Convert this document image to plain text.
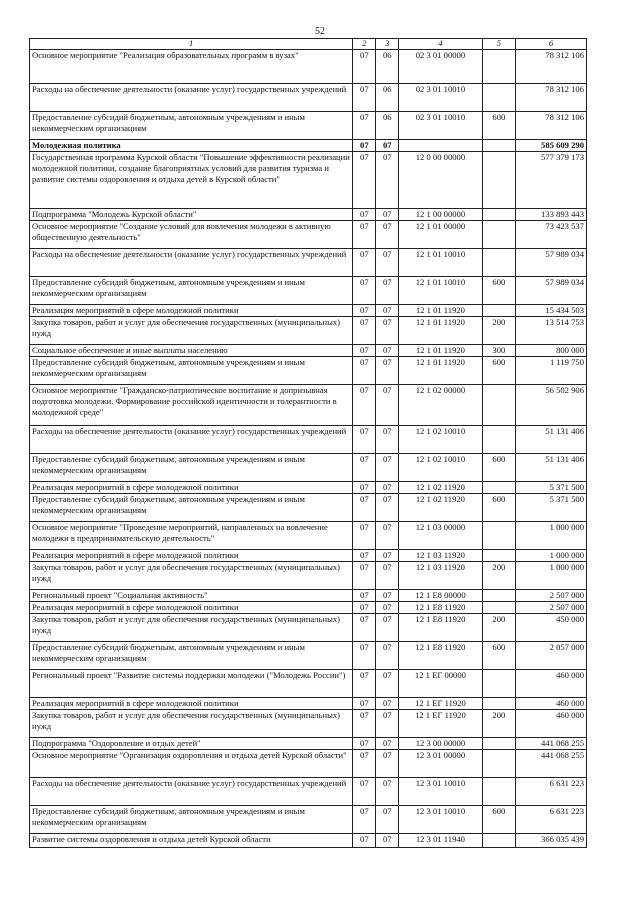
52
1	2	3	4	5	6
Основное мероприятие "Реализация образовательных программ в вузах"	07	06	02 3 01 00000		78 312 106
Расходы на обеспечение деятельности (оказание услуг) государственных учреждений	07	06	02 3 01 10010		78 312 106
Предоставление субсидий бюджетным, автономным учреждениям и иным некоммерческим организациям	07	06	02 3 01 10010	600	78 312 106
Молодежная политика	07	07			585 609 290
Государственная программа Курской области "Повышение эффективности реализации молодежной политики, создание благоприятных условий для развития туризма и развитие системы оздоровления и отдыха детей в Курской области"	07	07	12 0 00 00000		577 379 173
Подпрограмма "Молодежь Курской области"	07	07	12 1 00 00000		133 893 443
Основное мероприятие "Создание условий для вовлечения молодежи в активную общественную деятельность"	07	07	12 1 01 00000		73 423 537
Расходы на обеспечение деятельности (оказание услуг) государственных учреждений	07	07	12 1 01 10010		57 989 034
Предоставление субсидий бюджетным, автономным учреждениям и иным некоммерческим организациям	07	07	12 1 01 10010	600	57 989 034
Реализация мероприятий в сфере молодежной политики	07	07	12 1 01 11920		15 434 503
Закупка товаров, работ и услуг для обеспечения государственных (муниципальных) нужд	07	07	12 1 01 11920	200	13 514 753
Социальное обеспечение и иные выплаты населению	07	07	12 1 01 11920	300	800 000
Предоставление субсидий бюджетным, автономным учреждениям и иным некоммерческим организациям	07	07	12 1 01 11920	600	1 119 750
Основное мероприятие "Гражданско-патриотическое воспитание и допризывная подготовка молодежи. Формирование российской идентичности и толерантности в молодежной среде"	07	07	12 1 02 00000		56 502 906
Расходы на обеспечение деятельности (оказание услуг) государственных учреждений	07	07	12 1 02 10010		51 131 406
Предоставление субсидий бюджетным, автономным учреждениям и иным некоммерческим организациям	07	07	12 1 02 10010	600	51 131 406
Реализация мероприятий в сфере молодежной политики	07	07	12 1 02 11920		5 371 500
Предоставление субсидий бюджетным, автономным учреждениям и иным некоммерческим организациям	07	07	12 1 02 11920	600	5 371 500
Основное мероприятие "Проведение мероприятий, направленных на вовлечение молодежи в предпринимательскую деятельность"	07	07	12 1 03 00000		1 000 000
Реализация мероприятий в сфере молодежной политики	07	07	12 1 03 11920		1 000 000
Закупка товаров, работ и услуг для обеспечения государственных (муниципальных) нужд	07	07	12 1 03 11920	200	1 000 000
Региональный проект "Социальная активность"	07	07	12 1 E8 00000		2 507 000
Реализация мероприятий в сфере молодежной политики	07	07	12 1 E8 11920		2 507 000
Закупка товаров, работ и услуг для обеспечения государственных (муниципальных) нужд	07	07	12 1 E8 11920	200	450 000
Предоставление субсидий бюджетным, автономным учреждениям и иным некоммерческим организациям	07	07	12 1 E8 11920	600	2 057 000
Региональный проект "Развитие системы поддержки молодежи ("Молодежь России")	07	07	12 1 EГ 00000		460 000
Реализация мероприятий в сфере молодежной политики	07	07	12 1 EГ 11920		460 000
Закупка товаров, работ и услуг для обеспечения государственных (муниципальных) нужд	07	07	12 1 EГ 11920	200	460 000
Подпрограмма "Оздоровление и отдых детей"	07	07	12 3 00 00000		441 068 255
Основное мероприятие "Организация оздоровления и отдыха детей Курской области"	07	07	12 3 01 00000		441 068 255
Расходы на обеспечение деятельности (оказание услуг) государственных учреждений	07	07	12 3 01 10010		6 631 223
Предоставление субсидий бюджетным, автономным учреждениям и иным некоммерческим организациям	07	07	12 3 01 10010	600	6 631 223
Развитие системы оздоровления и отдыха детей Курской области	07	07	12 3 01 11940		366 035 439
